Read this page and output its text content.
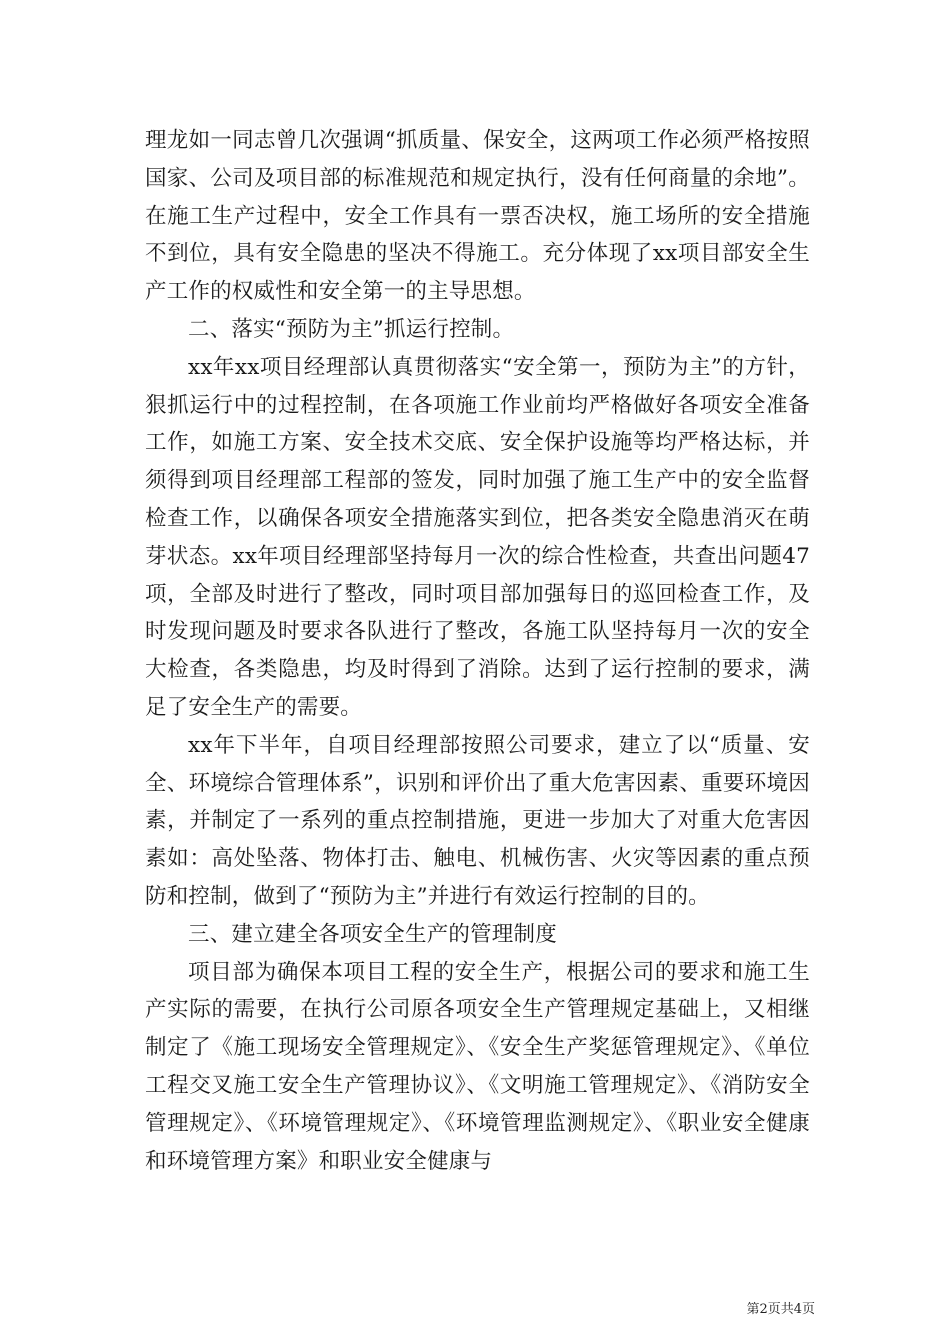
理龙如一同志曾几次强调“抓质量、保安全，这两项工作必须严格按照国家、公司及项目部的标准规范和规定执行，没有任何商量的余地”。在施工生产过程中，安全工作具有一票否决权，施工场所的安全措施不到位，具有安全隐患的坚决不得施工。充分体现了xx项目部安全生产工作的权威性和安全第一的主导思想。

二、落实“预防为主”抓运行控制。

xx年xx项目经理部认真贯彻落实“安全第一，预防为主”的方针，狠抓运行中的过程控制，在各项施工作业前均严格做好各项安全准备工作，如施工方案、安全技术交底、安全保护设施等均严格达标，并须得到项目经理部工程部的签发，同时加强了施工生产中的安全监督检查工作，以确保各项安全措施落实到位，把各类安全隐患消灭在萌芽状态。xx年项目经理部坚持每月一次的综合性检查，共查出问题47项，全部及时进行了整改，同时项目部加强每日的巡回检查工作，及时发现问题及时要求各队进行了整改，各施工队坚持每月一次的安全大检查，各类隐患，均及时得到了消除。达到了运行控制的要求，满足了安全生产的需要。

xx年下半年，自项目经理部按照公司要求，建立了以“质量、安全、环境综合管理体系”，识别和评价出了重大危害因素、重要环境因素，并制定了一系列的重点控制措施，更进一步加大了对重大危害因素如：高处坠落、物体打击、触电、机械伤害、火灾等因素的重点预防和控制，做到了“预防为主”并进行有效运行控制的目的。

三、建立建全各项安全生产的管理制度

项目部为确保本项目工程的安全生产，根据公司的要求和施工生产实际的需要，在执行公司原各项安全生产管理规定基础上，又相继制定了《施工现场安全管理规定》、《安全生产奖惩管理规定》、《单位工程交叉施工安全生产管理协议》、《文明施工管理规定》、《消防安全管理规定》、《环境管理规定》、《环境管理监测规定》、《职业安全健康和环境管理方案》和职业安全健康与

第2页共4页
